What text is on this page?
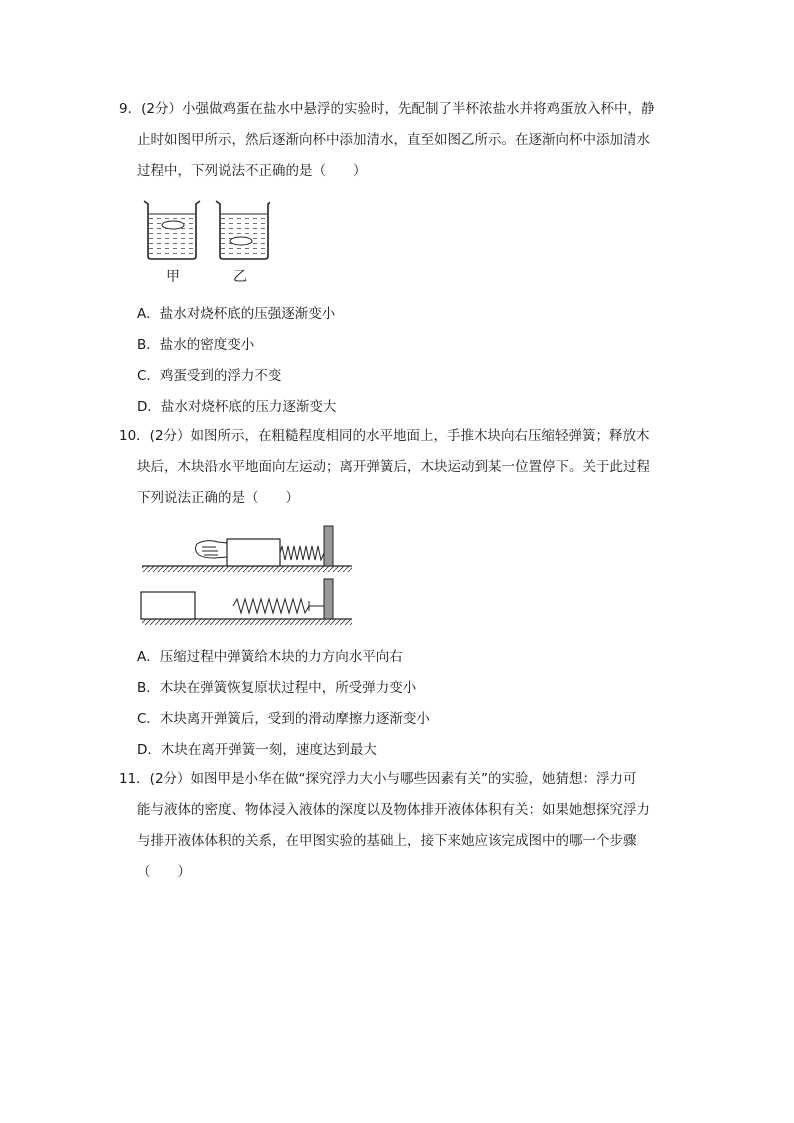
9．(2分）小强做鸡蛋在盐水中悬浮的实验时，先配制了半杯浓盐水并将鸡蛋放入杯中，静
止时如图甲所示，然后逐渐向杯中添加清水，直至如图乙所示。在逐渐向杯中添加清水
过程中，下列说法不正确的是（　　）
甲	乙
A．盐水对烧杯底的压强逐渐变小
B．盐水的密度变小
C．鸡蛋受到的浮力不变
D．盐水对烧杯底的压力逐渐变大
10．(2分）如图所示，在粗糙程度相同的水平地面上，手推木块向右压缩轻弹簧；释放木
块后，木块沿水平地面向左运动；离开弹簧后，木块运动到某一位置停下。关于此过程
下列说法正确的是（　　）
A．压缩过程中弹簧给木块的力方向水平向右
B．木块在弹簧恢复原状过程中，所受弹力变小
C．木块离开弹簧后，受到的滑动摩擦力逐渐变小
D．木块在离开弹簧一刻，速度达到最大
11．(2分）如图甲是小华在做“探究浮力大小与哪些因素有关”的实验，她猜想：浮力可
能与液体的密度、物体浸入液体的深度以及物体排开液体体积有关：如果她想探究浮力
与排开液体体积的关系，在甲图实验的基础上，接下来她应该完成图中的哪一个步骤
（　　）
